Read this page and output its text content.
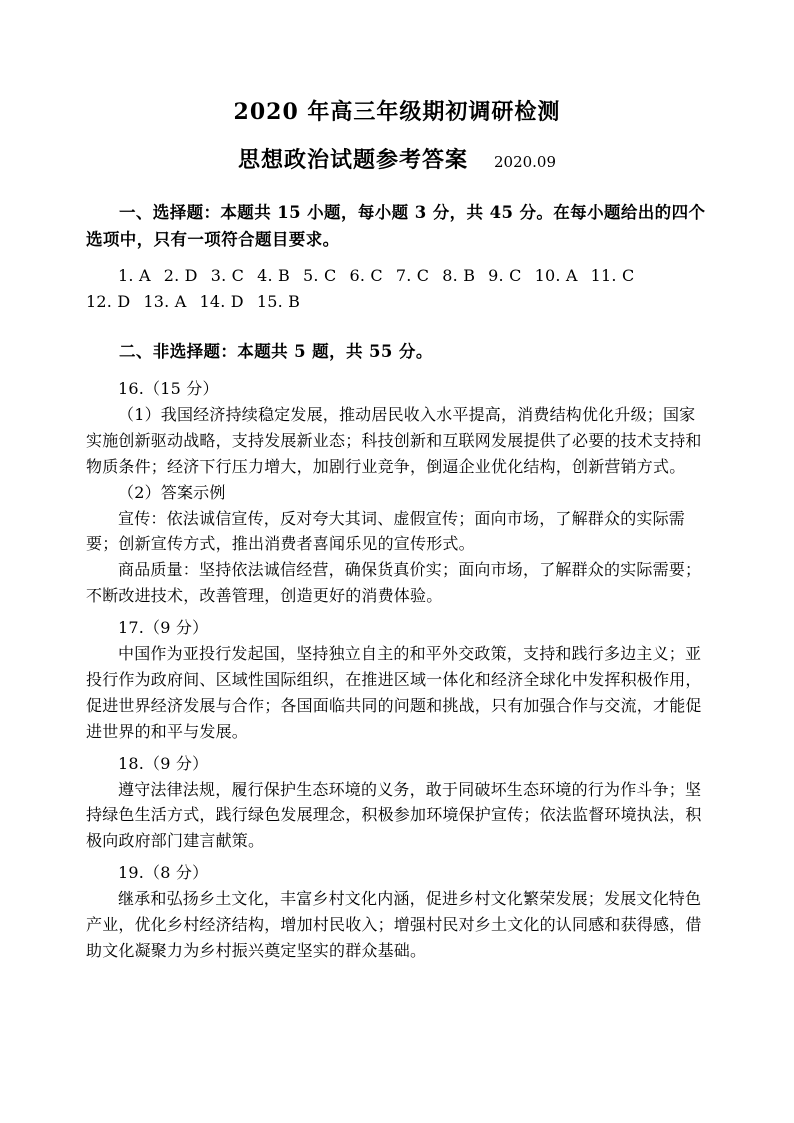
2020 年高三年级期初调研检测
思想政治试题参考答案 2020.09
一、选择题：本题共 15 小题，每小题 3 分，共 45 分。在每小题给出的四个选项中，只有一项符合题目要求。

1. A 2. D 3. C 4. B 5. C 6. C 7. C 8. B 9. C 10. A 11. C

12. D 13. A 14. D 15. B

二、非选择题：本题共 5 题，共 55 分。

16.（15 分）

（1）我国经济持续稳定发展，推动居民收入水平提高，消费结构优化升级；国家实施创新驱动战略，支持发展新业态；科技创新和互联网发展提供了必要的技术支持和物质条件；经济下行压力增大，加剧行业竞争，倒逼企业优化结构，创新营销方式。

（2）答案示例

宣传：依法诚信宣传，反对夸大其词、虚假宣传；面向市场，了解群众的实际需要；创新宣传方式，推出消费者喜闻乐见的宣传形式。

商品质量：坚持依法诚信经营，确保货真价实；面向市场，了解群众的实际需要；不断改进技术，改善管理，创造更好的消费体验。

17.（9 分）

中国作为亚投行发起国，坚持独立自主的和平外交政策，支持和践行多边主义；亚投行作为政府间、区域性国际组织，在推进区域一体化和经济全球化中发挥积极作用，促进世界经济发展与合作；各国面临共同的问题和挑战，只有加强合作与交流，才能促进世界的和平与发展。

18.（9 分）

遵守法律法规，履行保护生态环境的义务，敢于同破坏生态环境的行为作斗争；坚持绿色生活方式，践行绿色发展理念，积极参加环境保护宣传；依法监督环境执法，积极向政府部门建言献策。

19.（8 分）

继承和弘扬乡土文化，丰富乡村文化内涵，促进乡村文化繁荣发展；发展文化特色产业，优化乡村经济结构，增加村民收入；增强村民对乡土文化的认同感和获得感，借助文化凝聚力为乡村振兴奠定坚实的群众基础。
